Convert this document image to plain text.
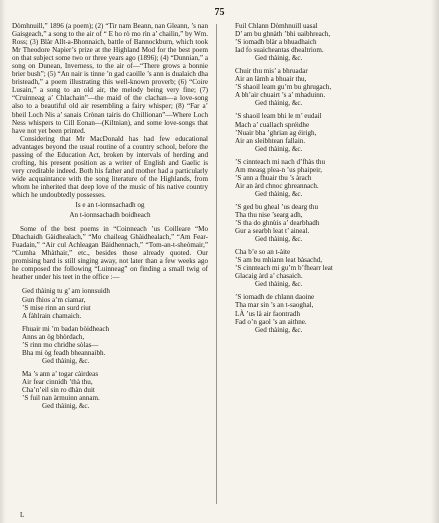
75

Dòmhnuill,” 1896 (a poem); (2) “Tir nam Beann, nan Gleann, ’s nan Gaisgeach,” a song to the air of “ E ho rò mo rìn a’ chailin,” by Wm. Ross; (3) Blàr Allt-a-Bhonnaich, battle of Bannockburn, which took Mr Theodore Napier’s prize at the Highland Mod for the best poem on that subject some two or three years ago (1896); (4) “Dunnian,” a song on Dunean, Inverness, to the air of—“There grows a bonnie brier bush”; (5) “An nair is tinne ’n gad caoille ’s ann is dualaich dha bristeadh,” a poem illustrating this well-known proverb; (6) “Coire Lusain,” a song to an old air, the melody being very fine; (7) “Cruinneag a’ Chlachain”—the maid of the clachan—a love-song also to a beautiful old air resembling a fairy whisper; (8) “Far a’ bheil Loch Nis a’ sanais Crònan tairis do Chillionan”—Where Loch Ness whispers to Cill Eonan—(Kiltnian), and some love-songs that have not yet been printed.

Considering that Mr MacDonald has had few educational advantages beyond the usual routine of a country school, before the passing of the Education Act, broken by intervals of herding and crofting, his present position as a writer of English and Gaelic is very creditable indeed. Both his father and mother had a particularly wide acquaintance with the song literature of the Highlands, from whom he inherited that deep love of the music of his native country which he undoubtedly possesses.

Is e an t-ionnsachadh og
An t-ionnsachadh boidheach

Some of the best poems in “Coinneach ’us Coilleare “Mo Dhachaidh Gàidhealach,” “Mo chaileag Ghàidhealach,” “Am Fear-Fuadain,” “Air cul Achleagan Bàidhennach,” “Tom-an-t-sheòmair,” “Cumha Mhàthair,” etc., besides those already quoted. Our promising bard is still singing away, not later than a few weeks ago he composed the following “Luinneag” on finding a small twig of heather under his teet in the office :—

Ged thàinig tu g’ am ionnsuidh
Gun fhios a’m ciamar,
’S mise rinn an surd riut
A fàhlrain chamaich.
Fhuair mi ’m badan bòidheach
Anns an òg bhòrdach,
’S rinn mo chridhe sòlas—
Bha mi òg feadh bheannaibh.
Ged thàinig, &c.
Ma ’s ann a’ togar càirdeas
Air fear cinnidh ’thà thu,
Cha’n’eil sin ro dhàn duit
’S fuil nan àrmuinn annam.
Ged thàinig, &c.
Fuil Chlann Dòmhnuill uasal
D’ am bu ghnàth ’bhi uaibhreach,
’S iomadh blàr a bhuadhaich
Iad fo suaicheantas dhealtriom.
Ged thàinig, &c.
Chuir thu mis’ a bhruadar
Air an làmh a bhuair thu,
’S shaoil leam gu’m bu ghrugach,
A bh’air chuairt ’s a’ mhaduinn.
Ged thàinig, &c.
’S shaoil leam bhi le m’ eudail
Mach a’ cuallach spréidhe
’Nuair bha ’ghrian ag éirigh,
Air an sleibhtean fallain.
Ged thàinig, &c.
’S cinnteach mi nach d’fhàs thu
Am measg plea-n ’us phaipeir,
’S ann a fhuair thu ’s àrach
Air an àrd chnoc ghreannach.
Ged thàinig, &c.
’S ged bu gheal ’us dearg thu
Tha thu nise ’searg adh,
’S tha do ghnùis a’ dearbhadh
Gur a searbh leat t’ aineal.
Ged thàinig, &c.
Cha b’e so an t-àite
’S am bu mhiann leat bàsachd,
’S cinnteach mi gu’m b’fhearr leat
Glacaig àrd a’ chasaich.
Ged thàinig, &c.
’S iomadh de chlann daoine
Tha mar sin ’s an t-saoghal,
LÀ ’us là air faontradh
Fad o’n gaol ’s an aithne.
Ged thàinig, &c.
L
